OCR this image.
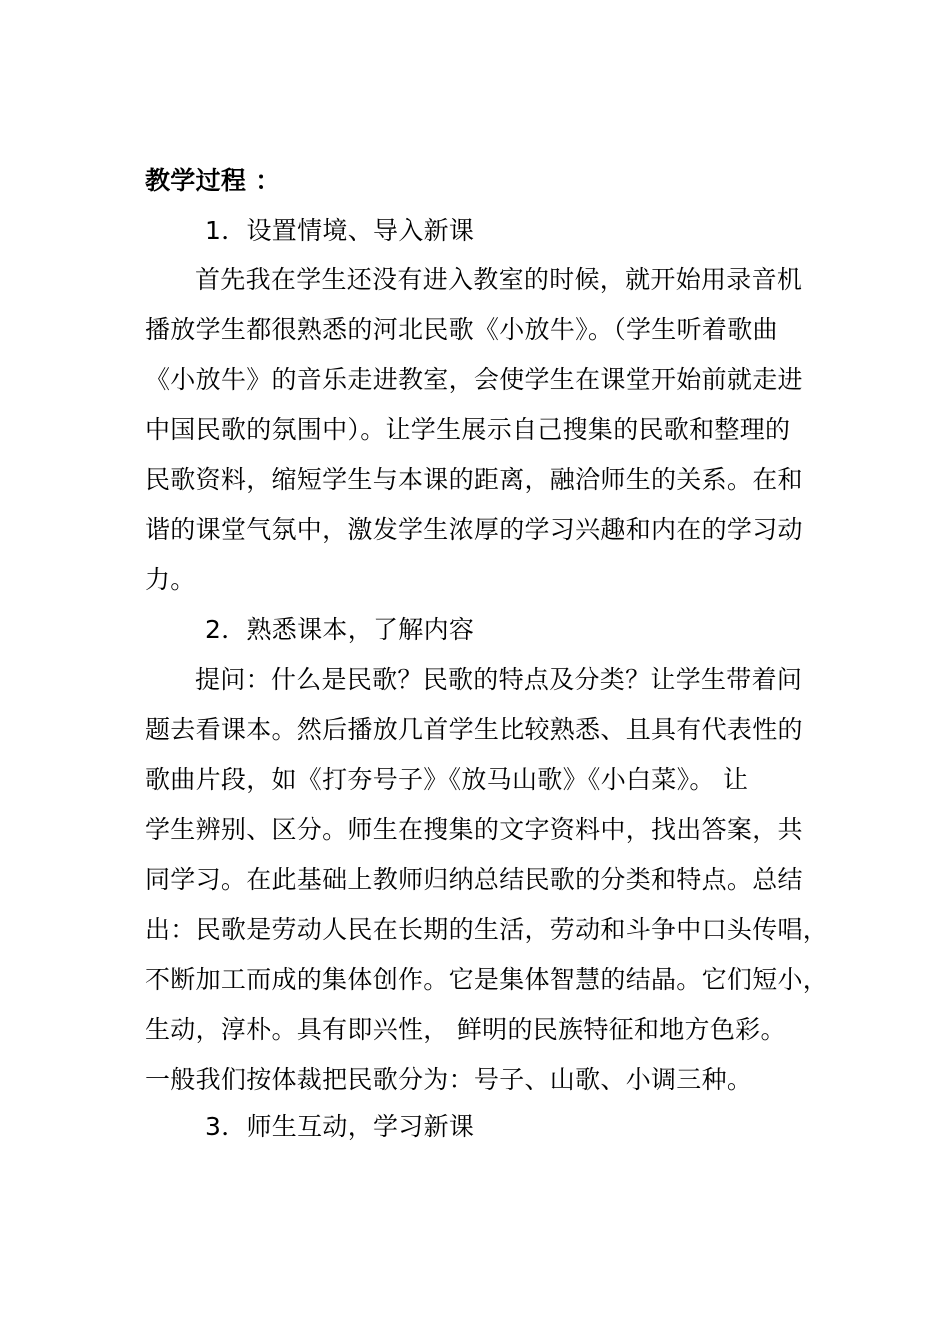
教学过程 ：
1．设置情境、导入新课
首先我在学生还没有进入教室的时候，就开始用录音机
播放学生都很熟悉的河北民歌《小放牛》。（学生听着歌曲
《小放牛》的音乐走进教室，会使学生在课堂开始前就走进
中国民歌的氛围中）。让学生展示自己搜集的民歌和整理的
民歌资料，缩短学生与本课的距离，融洽师生的关系。在和
谐的课堂气氛中，激发学生浓厚的学习兴趣和内在的学习动
力。
2．熟悉课本，了解内容
提问：什么是民歌？民歌的特点及分类？让学生带着问
题去看课本。然后播放几首学生比较熟悉、且具有代表性的
歌曲片段，如《打夯号子》《放马山歌》《小白菜》。 让
学生辨别、区分。师生在搜集的文字资料中，找出答案，共
同学习。在此基础上教师归纳总结民歌的分类和特点。总结
出：民歌是劳动人民在长期的生活，劳动和斗争中口头传唱，
不断加工而成的集体创作。它是集体智慧的结晶。它们短小，
生动，淳朴。具有即兴性， 鲜明的民族特征和地方色彩。
一般我们按体裁把民歌分为：号子、山歌、小调三种。
3．师生互动，学习新课
